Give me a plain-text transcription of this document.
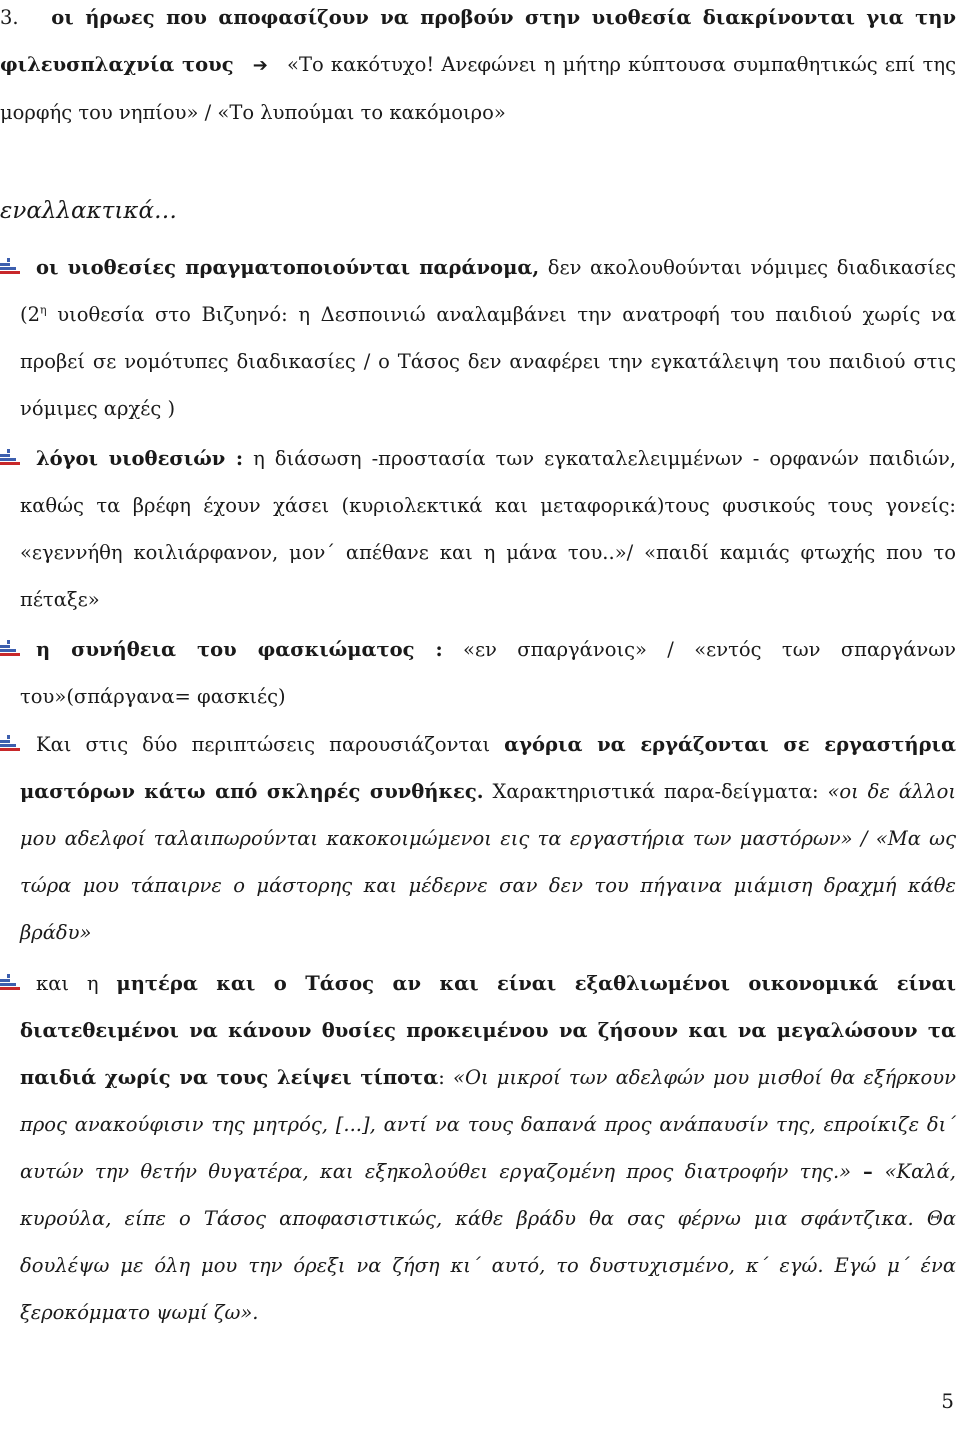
3. οι ήρωες που αποφασίζουν να προβούν στην υιοθεσία διακρίνονται για την φιλευσπλαχνία τους ➔ «Το κακότυχο! Ανεφώνει η μήτηρ κύπτουσα συμπαθητικώς επί της μορφής του νηπίου» / «Το λυπούμαι το κακόμοιρο»
εναλλακτικά…
οι υιοθεσίες πραγματοποιούνται παράνομα, δεν ακολουθούνται νόμιμες διαδικασίες ($2^\eta$ υιοθεσία στο Βιζυηνό: η Δεσποινιώ αναλαμβάνει την ανατροφή του παιδιού χωρίς να προβεί σε νομότυπες διαδικασίες / ο Τάσος δεν αναφέρει την εγκατάλειψη του παιδιού στις νόμιμες αρχές )
λόγοι υιοθεσιών : η διάσωση -προστασία των εγκαταλελειμμένων - ορφανών παιδιών, καθώς τα βρέφη έχουν χάσει (κυριολεκτικά και μεταφορικά)τους φυσικούς τους γονείς: «εγεννήθη κοιλιάρφανον, μον΄ απέθανε και η μάνα του..»/ «παιδί καμιάς φτωχής που το πέταξε»
η συνήθεια του φασκιώματος : «εν σπαργάνοις» / «εντός των σπαργάνων του»(σπάργανα= φασκιές)
Και στις δύο περιπτώσεις παρουσιάζονται αγόρια να εργάζονται σε εργαστήρια μαστόρων κάτω από σκληρές συνθήκες. Χαρακτηριστικά παρα-δείγματα: «οι δε άλλοι μου αδελφοί ταλαιπωρούνται κακοκοιμώμενοι εις τα εργαστήρια των μαστόρων» / «Μα ως τώρα μου τάπαιρνε ο μάστορης και μέδερνε σαν δεν του πήγαινα μιάμιση δραχμή κάθε βράδυ»
και η μητέρα και ο Τάσος αν και είναι εξαθλιωμένοι οικονομικά είναι διατεθειμένοι να κάνουν θυσίες προκειμένου να ζήσουν και να μεγαλώσουν τα παιδιά χωρίς να τους λείψει τίποτα: «Οι μικροί των αδελφών μου μισθοί θα εξήρκουν προς ανακούφισιν της μητρός, [...], αντί να τους δαπανά προς ανάπαυσίν της, επροίκιζε δι΄ αυτών την θετήν θυγατέρα, και εξηκολούθει εργαζομένη προς διατροφήν της.» – «Καλά, κυρούλα, είπε ο Τάσος αποφασιστικώς, κάθε βράδυ θα σας φέρνω μια σφάντζικα. Θα δουλέψω με όλη μου την όρεξι να ζήση κι΄ αυτό, το δυστυχισμένο, κ΄ εγώ. Εγώ μ΄ ένα ξεροκόμματο ψωμί ζω».
5
